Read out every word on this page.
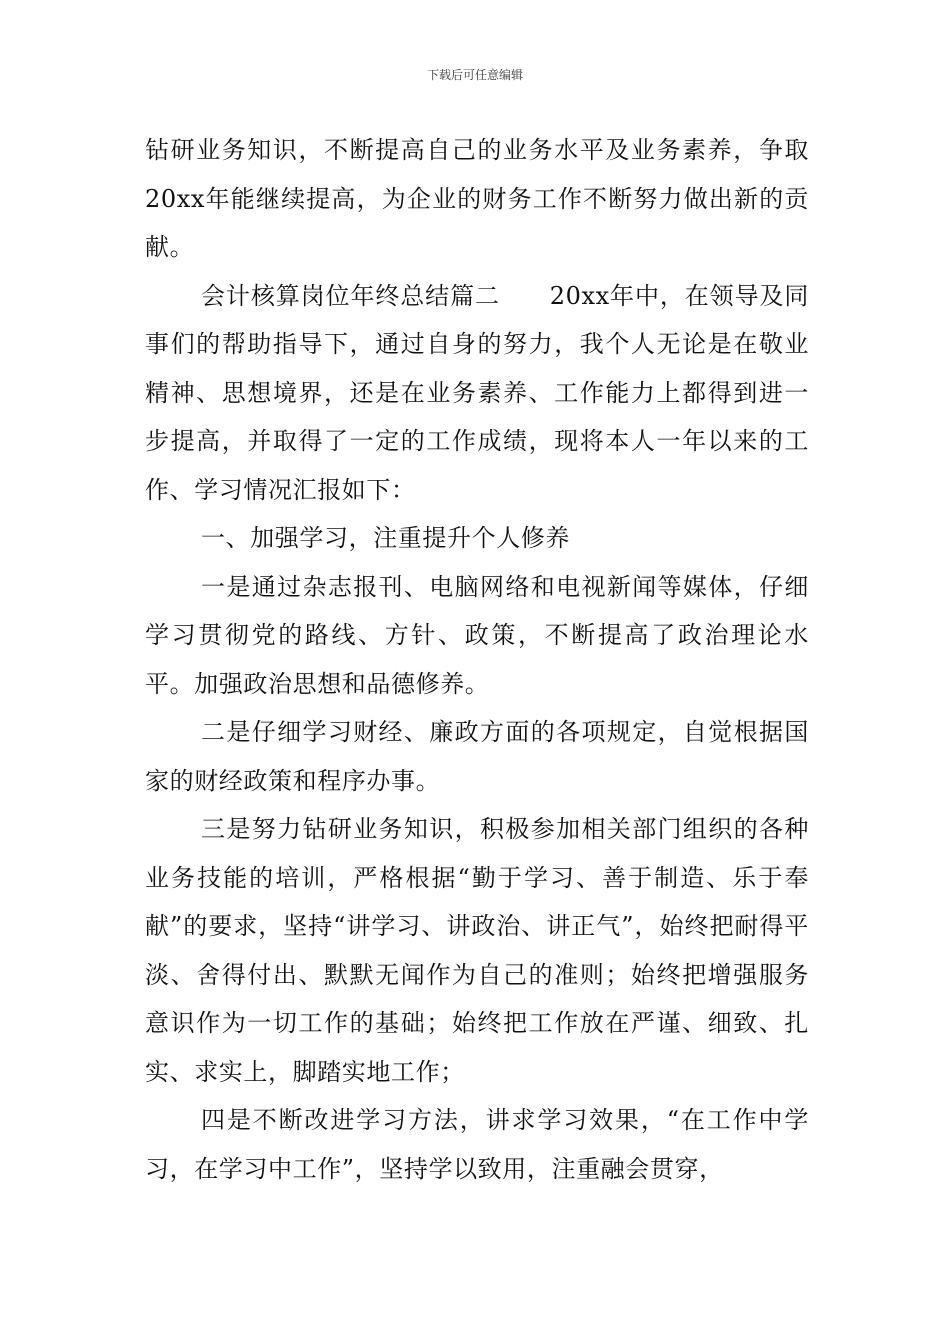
下载后可任意编辑

钻研业务知识，不断提高自己的业务水平及业务素养，争取20xx年能继续提高，为企业的财务工作不断努力做出新的贡献。

会计核算岗位年终总结篇二　　20xx年中，在领导及同事们的帮助指导下，通过自身的努力，我个人无论是在敬业精神、思想境界，还是在业务素养、工作能力上都得到进一步提高，并取得了一定的工作成绩，现将本人一年以来的工作、学习情况汇报如下：

一、加强学习，注重提升个人修养

一是通过杂志报刊、电脑网络和电视新闻等媒体，仔细学习贯彻党的路线、方针、政策，不断提高了政治理论水平。加强政治思想和品德修养。

二是仔细学习财经、廉政方面的各项规定，自觉根据国家的财经政策和程序办事。

三是努力钻研业务知识，积极参加相关部门组织的各种业务技能的培训，严格根据“勤于学习、善于制造、乐于奉献”的要求，坚持“讲学习、讲政治、讲正气”，始终把耐得平淡、舍得付出、默默无闻作为自己的准则；始终把增强服务意识作为一切工作的基础；始终把工作放在严谨、细致、扎实、求实上，脚踏实地工作；

四是不断改进学习方法，讲求学习效果，“在工作中学习，在学习中工作”，坚持学以致用，注重融会贯穿，
